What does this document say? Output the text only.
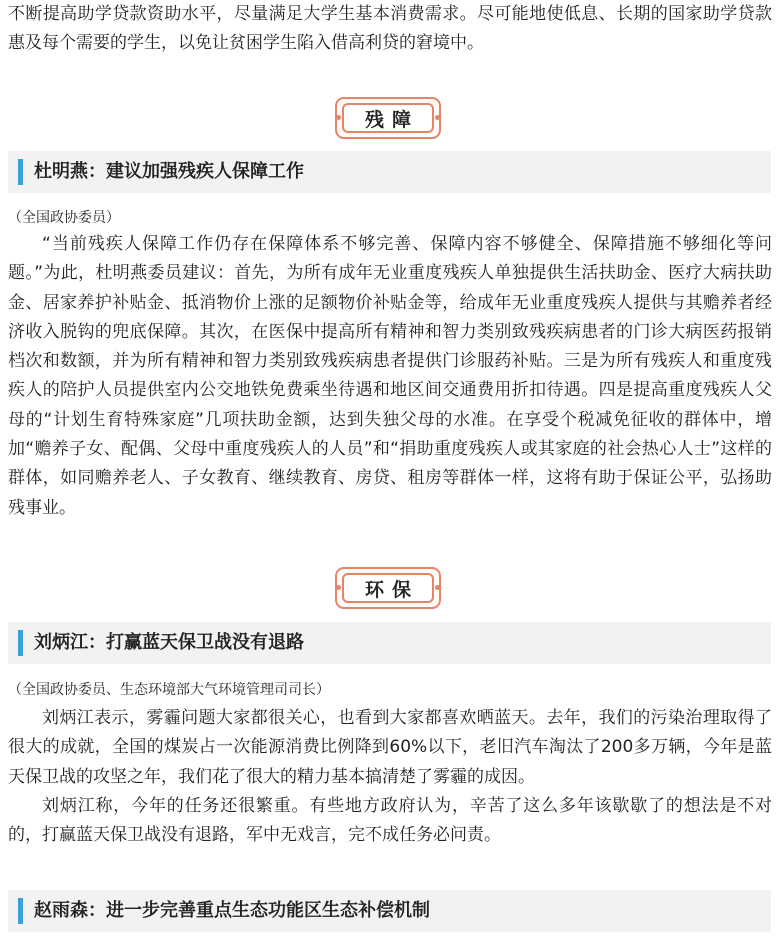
不断提高助学贷款资助水平，尽量满足大学生基本消费需求。尽可能地使低息、长期的国家助学贷款惠及每个需要的学生，以免让贫困学生陷入借高利贷的窘境中。

残障
杜明燕：建议加强残疾人保障工作

（全国政协委员）

“当前残疾人保障工作仍存在保障体系不够完善、保障内容不够健全、保障措施不够细化等问题。”为此，杜明燕委员建议：首先，为所有成年无业重度残疾人单独提供生活扶助金、医疗大病扶助金、居家养护补贴金、抵消物价上涨的足额物价补贴金等，给成年无业重度残疾人提供与其赡养者经济收入脱钩的兜底保障。其次，在医保中提高所有精神和智力类别致残疾病患者的门诊大病医药报销档次和数额，并为所有精神和智力类别致残疾病患者提供门诊服药补贴。三是为所有残疾人和重度残疾人的陪护人员提供室内公交地铁免费乘坐待遇和地区间交通费用折扣待遇。四是提高重度残疾人父母的“计划生育特殊家庭”几项扶助金额，达到失独父母的水准。在享受个税减免征收的群体中，增加“赡养子女、配偶、父母中重度残疾人的人员”和“捐助重度残疾人或其家庭的社会热心人士”这样的群体，如同赡养老人、子女教育、继续教育、房贷、租房等群体一样，这将有助于保证公平，弘扬助残事业。

环保
刘炳江：打赢蓝天保卫战没有退路

（全国政协委员、生态环境部大气环境管理司司长）

刘炳江表示，雾霾问题大家都很关心，也看到大家都喜欢晒蓝天。去年，我们的污染治理取得了很大的成就，全国的煤炭占一次能源消费比例降到60%以下，老旧汽车淘汰了200多万辆，今年是蓝天保卫战的攻坚之年，我们花了很大的精力基本搞清楚了雾霾的成因。

刘炳江称，今年的任务还很繁重。有些地方政府认为，辛苦了这么多年该歇歇了的想法是不对的，打赢蓝天保卫战没有退路，军中无戏言，完不成任务必问责。

赵雨森：进一步完善重点生态功能区生态补偿机制
